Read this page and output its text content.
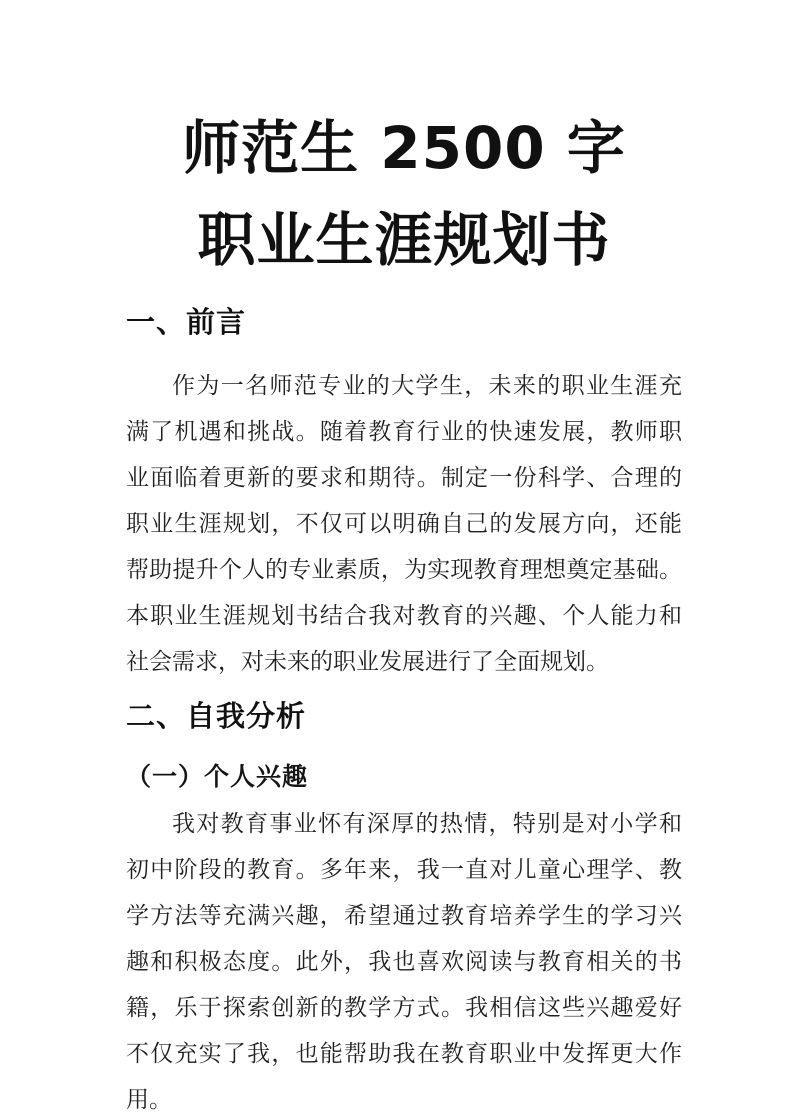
师范生 2500 字
职业生涯规划书
一、前言
作为一名师范专业的大学生，未来的职业生涯充
满了机遇和挑战。随着教育行业的快速发展，教师职
业面临着更新的要求和期待。制定一份科学、合理的
职业生涯规划，不仅可以明确自己的发展方向，还能
帮助提升个人的专业素质，为实现教育理想奠定基础。
本职业生涯规划书结合我对教育的兴趣、个人能力和
社会需求，对未来的职业发展进行了全面规划。
二、自我分析
（一）个人兴趣
我对教育事业怀有深厚的热情，特别是对小学和
初中阶段的教育。多年来，我一直对儿童心理学、教
学方法等充满兴趣，希望通过教育培养学生的学习兴
趣和积极态度。此外，我也喜欢阅读与教育相关的书
籍，乐于探索创新的教学方式。我相信这些兴趣爱好
不仅充实了我，也能帮助我在教育职业中发挥更大作
用。
